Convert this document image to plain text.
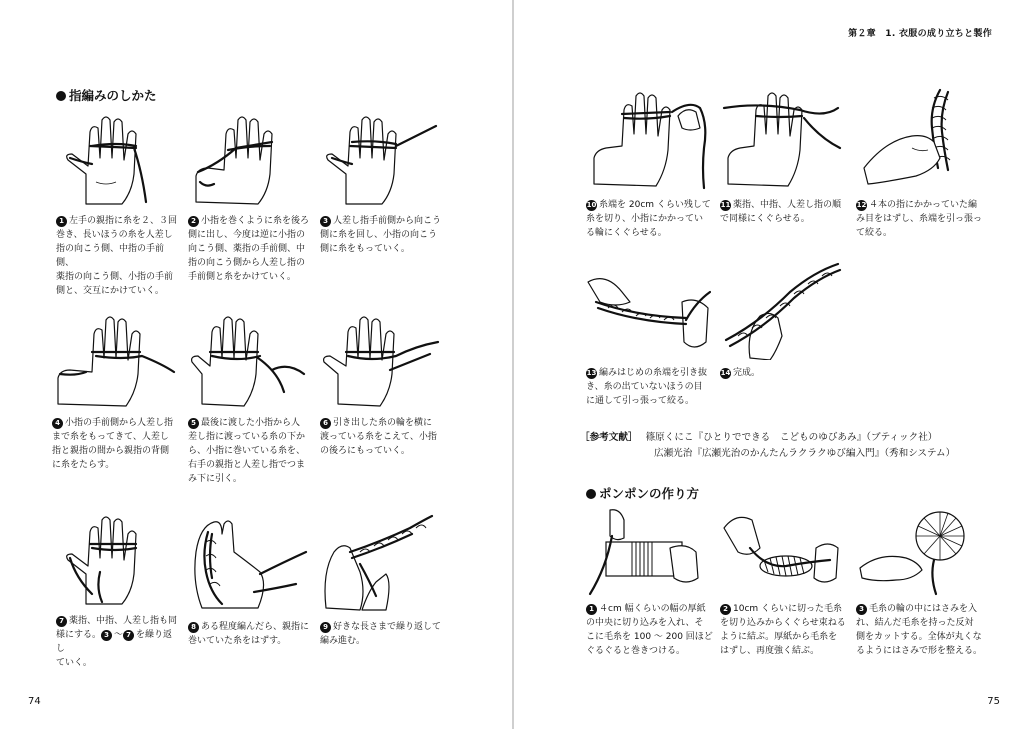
指編みのしかた
1 左手の親指に糸を２、３回
巻き、長いほうの糸を人差し
指の向こう側、中指の手前側、
薬指の向こう側、小指の手前
側と、交互にかけていく。
2 小指を巻くように糸を後ろ
側に出し、今度は逆に小指の
向こう側、薬指の手前側、中
指の向こう側から人差し指の
手前側と糸をかけていく。
3 人差し指手前側から向こう
側に糸を回し、小指の向こう
側に糸をもっていく。
4 小指の手前側から人差し指
まで糸をもってきて、人差し
指と親指の間から親指の背側
に糸をたらす。
5 最後に渡した小指から人
差し指に渡っている糸の下か
ら、小指に巻いている糸を、
右手の親指と人差し指でつま
み下に引く。
6 引き出した糸の輪を横に
渡っている糸をこえて、小指
の後ろにもっていく。
7 薬指、中指、人差し指も同
様にする。 3 ～ 7 を繰り返し
ていく。
8 ある程度編んだら、親指に
巻いていた糸をはずす。
9 好きな長さまで繰り返して
編み進む。
74
第２章　1. 衣服の成り立ちと製作
10 糸端を 20cm くらい残して
糸を切り、小指にかかってい
る輪にくぐらせる。
11 薬指、中指、人差し指の順
で同様にくぐらせる。
12 ４本の指にかかっていた編
み目をはずし、糸端を引っ張っ
て絞る。
13 編みはじめの糸端を引き抜
き、糸の出ていないほうの目
に通して引っ張って絞る。
14 完成。
［参考文献］ 篠原くにこ『ひとりでできる　こどものゆびあみ』（ブティック社）
広瀬光治『広瀬光治のかんたんラクラクゆび編入門』（秀和システム）
ポンポンの作り方
1 ４cm 幅くらいの幅の厚紙
の中央に切り込みを入れ、そ
こに毛糸を 100 ～ 200 回ほど
ぐるぐると巻きつける。
2 10cm くらいに切った毛糸
を切り込みからくぐらせ束ねる
ように結ぶ。厚紙から毛糸を
はずし、再度強く結ぶ。
3 毛糸の輪の中にはさみを入
れ、結んだ毛糸を持った反対
側をカットする。全体が丸くな
るようにはさみで形を整える。
75
